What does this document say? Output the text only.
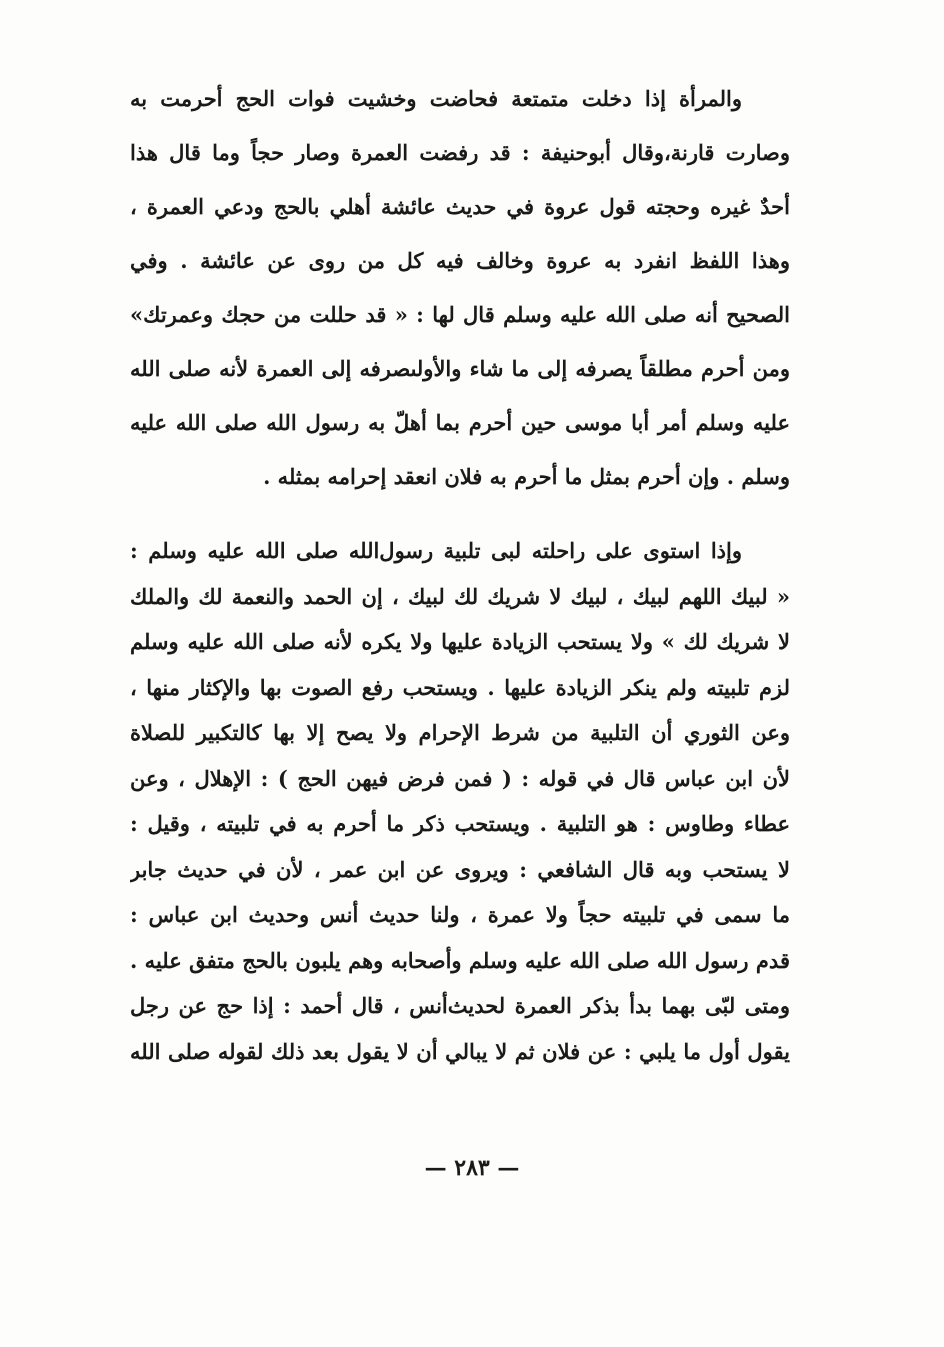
والمرأة إذا دخلت متمتعة فحاضت وخشيت فوات الحج أحرمت به
وصارت قارنة،وقال أبوحنيفة : قد رفضت العمرة وصار حجاً وما قال هذا
أحدٌ غيره وحجته قول عروة في حديث عائشة أهلي بالحج ودعي العمرة ،
وهذا اللفظ انفرد به عروة وخالف فيه كل من روى عن عائشة . وفي
الصحيح أنه صلى الله عليه وسلم قال لها : « قد حللت من حجك وعمرتك»
ومن أحرم مطلقاً يصرفه إلى ما شاء والأولىصرفه إلى العمرة لأنه صلى الله
عليه وسلم أمر أبا موسى حين أحرم بما أهلّ به رسول الله صلى الله عليه
وسلم . وإن أحرم بمثل ما أحرم به فلان انعقد إحرامه بمثله .
وإذا استوى على راحلته لبى تلبية رسول‌الله صلى الله عليه وسلم :
« لبيك اللهم لبيك ، لبيك لا شريك لك لبيك ، إن الحمد والنعمة لك والملك
لا شريك لك » ولا يستحب الزيادة عليها ولا يكره لأنه صلى الله عليه وسلم
لزم تلبيته ولم ينكر الزيادة عليها . ويستحب رفع الصوت بها والإكثار منها ،
وعن الثوري أن التلبية من شرط الإحرام ولا يصح إلا بها كالتكبير للصلاة
لأن ابن عباس قال في قوله : ( فمن فرض فيهن الحج ) : الإهلال ، وعن
عطاء وطاوس : هو التلبية . ويستحب ذكر ما أحرم به في تلبيته ، وقيل :
لا يستحب وبه قال الشافعي : ويروى عن ابن عمر ، لأن في حديث جابر
ما سمى في تلبيته حجاً ولا عمرة ، ولنا حديث أنس وحديث ابن عباس :
قدم رسول الله صلى الله عليه وسلم وأصحابه وهم يلبون بالحج متفق عليه .
ومتى لبّى بهما بدأ بذكر العمرة لحديث‌أنس ، قال أحمد : إذا حج عن رجل
يقول أول ما يلبي : عن فلان ثم لا يبالي أن لا يقول بعد ذلك لقوله صلى الله
— ٢٨٣ —
